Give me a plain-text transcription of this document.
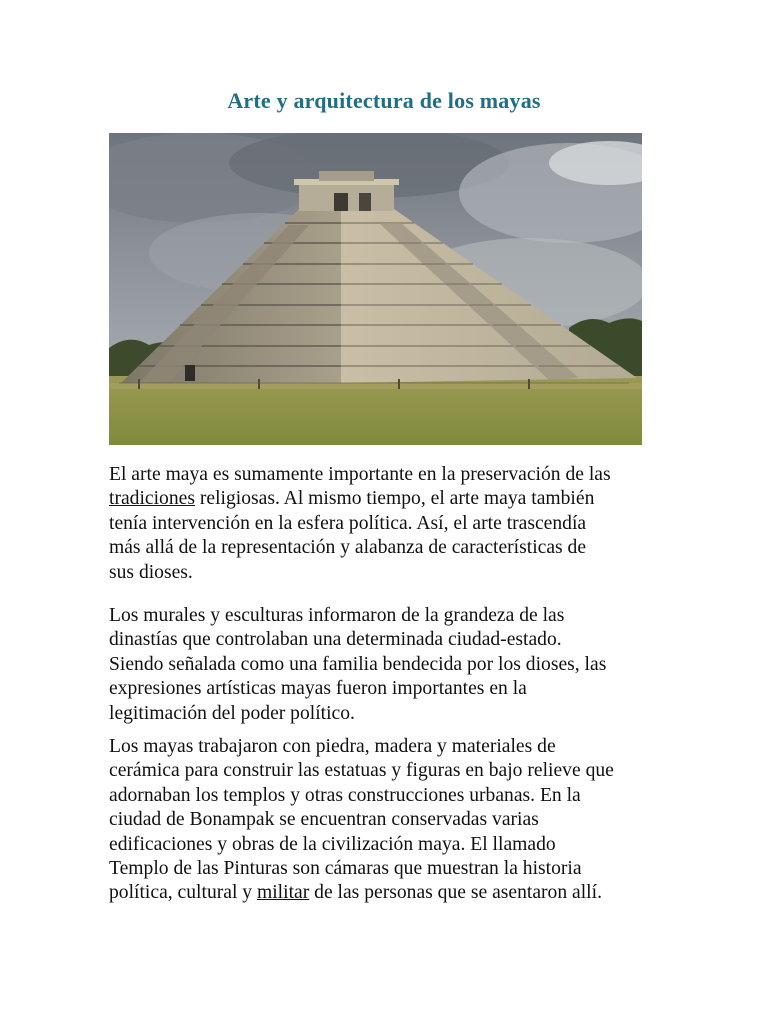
Arte y arquitectura de los mayas

El arte maya es sumamente importante en la preservación de las
tradiciones religiosas. Al mismo tiempo, el arte maya también
tenía intervención en la esfera política. Así, el arte trascendía
más allá de la representación y alabanza de características de
sus dioses.

Los murales y esculturas informaron de la grandeza de las
dinastías que controlaban una determinada ciudad-estado.
Siendo señalada como una familia bendecida por los dioses, las
expresiones artísticas mayas fueron importantes en la
legitimación del poder político.

Los mayas trabajaron con piedra, madera y materiales de
cerámica para construir las estatuas y figuras en bajo relieve que
adornaban los templos y otras construcciones urbanas. En la
ciudad de Bonampak se encuentran conservadas varias
edificaciones y obras de la civilización maya. El llamado
Templo de las Pinturas son cámaras que muestran la historia
política, cultural y militar de las personas que se asentaron allí.
